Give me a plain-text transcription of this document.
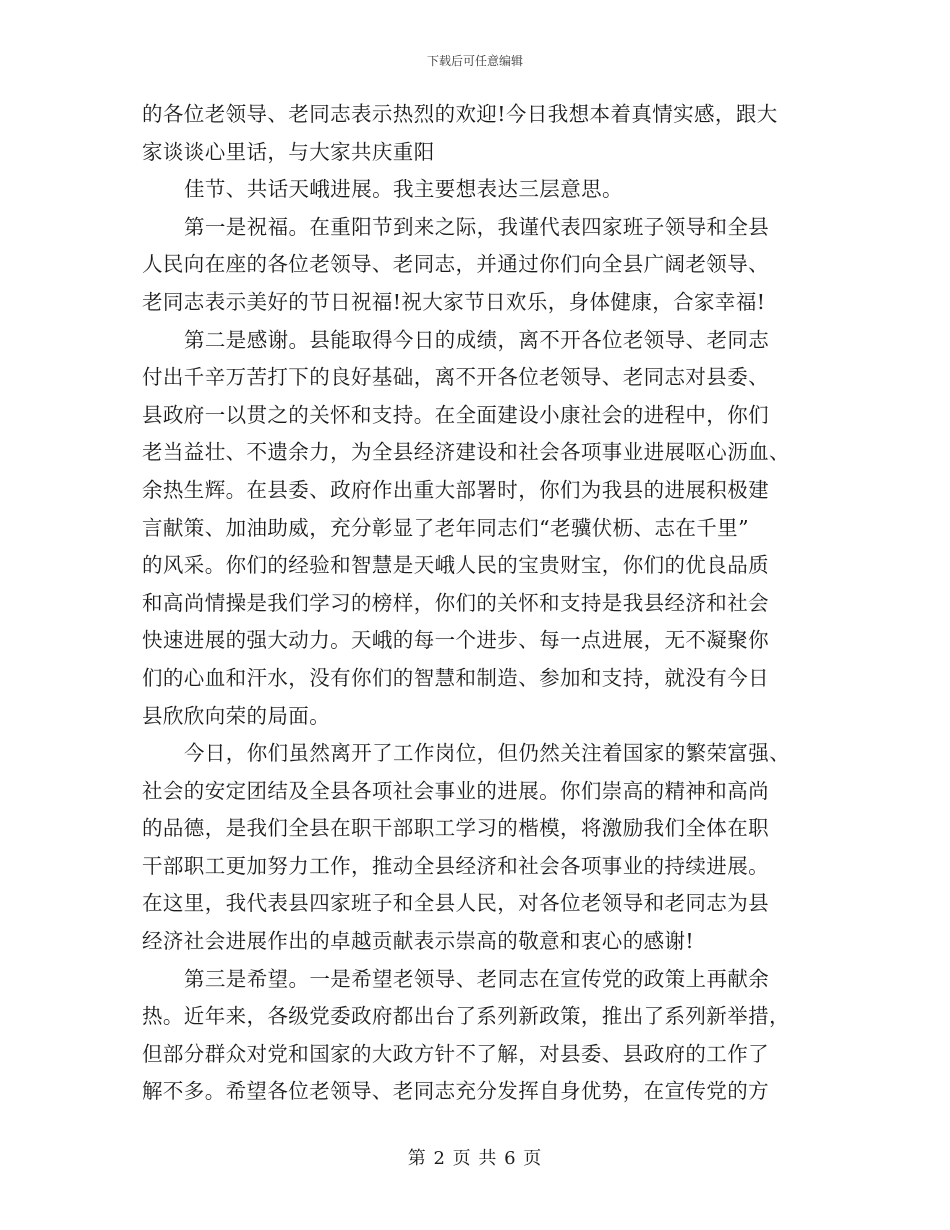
下载后可任意编辑
的各位老领导、老同志表示热烈的欢迎!今日我想本着真情实感，跟大
家谈谈心里话，与大家共庆重阳
佳节、共话天峨进展。我主要想表达三层意思。
第一是祝福。在重阳节到来之际，我谨代表四家班子领导和全县
人民向在座的各位老领导、老同志，并通过你们向全县广阔老领导、
老同志表示美好的节日祝福!祝大家节日欢乐，身体健康，合家幸福!
第二是感谢。县能取得今日的成绩，离不开各位老领导、老同志
付出千辛万苦打下的良好基础，离不开各位老领导、老同志对县委、
县政府一以贯之的关怀和支持。在全面建设小康社会的进程中，你们
老当益壮、不遗余力，为全县经济建设和社会各项事业进展呕心沥血、
余热生辉。在县委、政府作出重大部署时，你们为我县的进展积极建
言献策、加油助威，充分彰显了老年同志们“老骥伏枥、志在千里”
的风采。你们的经验和智慧是天峨人民的宝贵财宝，你们的优良品质
和高尚情操是我们学习的榜样，你们的关怀和支持是我县经济和社会
快速进展的强大动力。天峨的每一个进步、每一点进展，无不凝聚你
们的心血和汗水，没有你们的智慧和制造、参加和支持，就没有今日
县欣欣向荣的局面。
今日，你们虽然离开了工作岗位，但仍然关注着国家的繁荣富强、
社会的安定团结及全县各项社会事业的进展。你们崇高的精神和高尚
的品德，是我们全县在职干部职工学习的楷模，将激励我们全体在职
干部职工更加努力工作，推动全县经济和社会各项事业的持续进展。
在这里，我代表县四家班子和全县人民，对各位老领导和老同志为县
经济社会进展作出的卓越贡献表示崇高的敬意和衷心的感谢!
第三是希望。一是希望老领导、老同志在宣传党的政策上再献余
热。近年来，各级党委政府都出台了系列新政策，推出了系列新举措，
但部分群众对党和国家的大政方针不了解，对县委、县政府的工作了
解不多。希望各位老领导、老同志充分发挥自身优势，在宣传党的方
第 2 页 共 6 页
